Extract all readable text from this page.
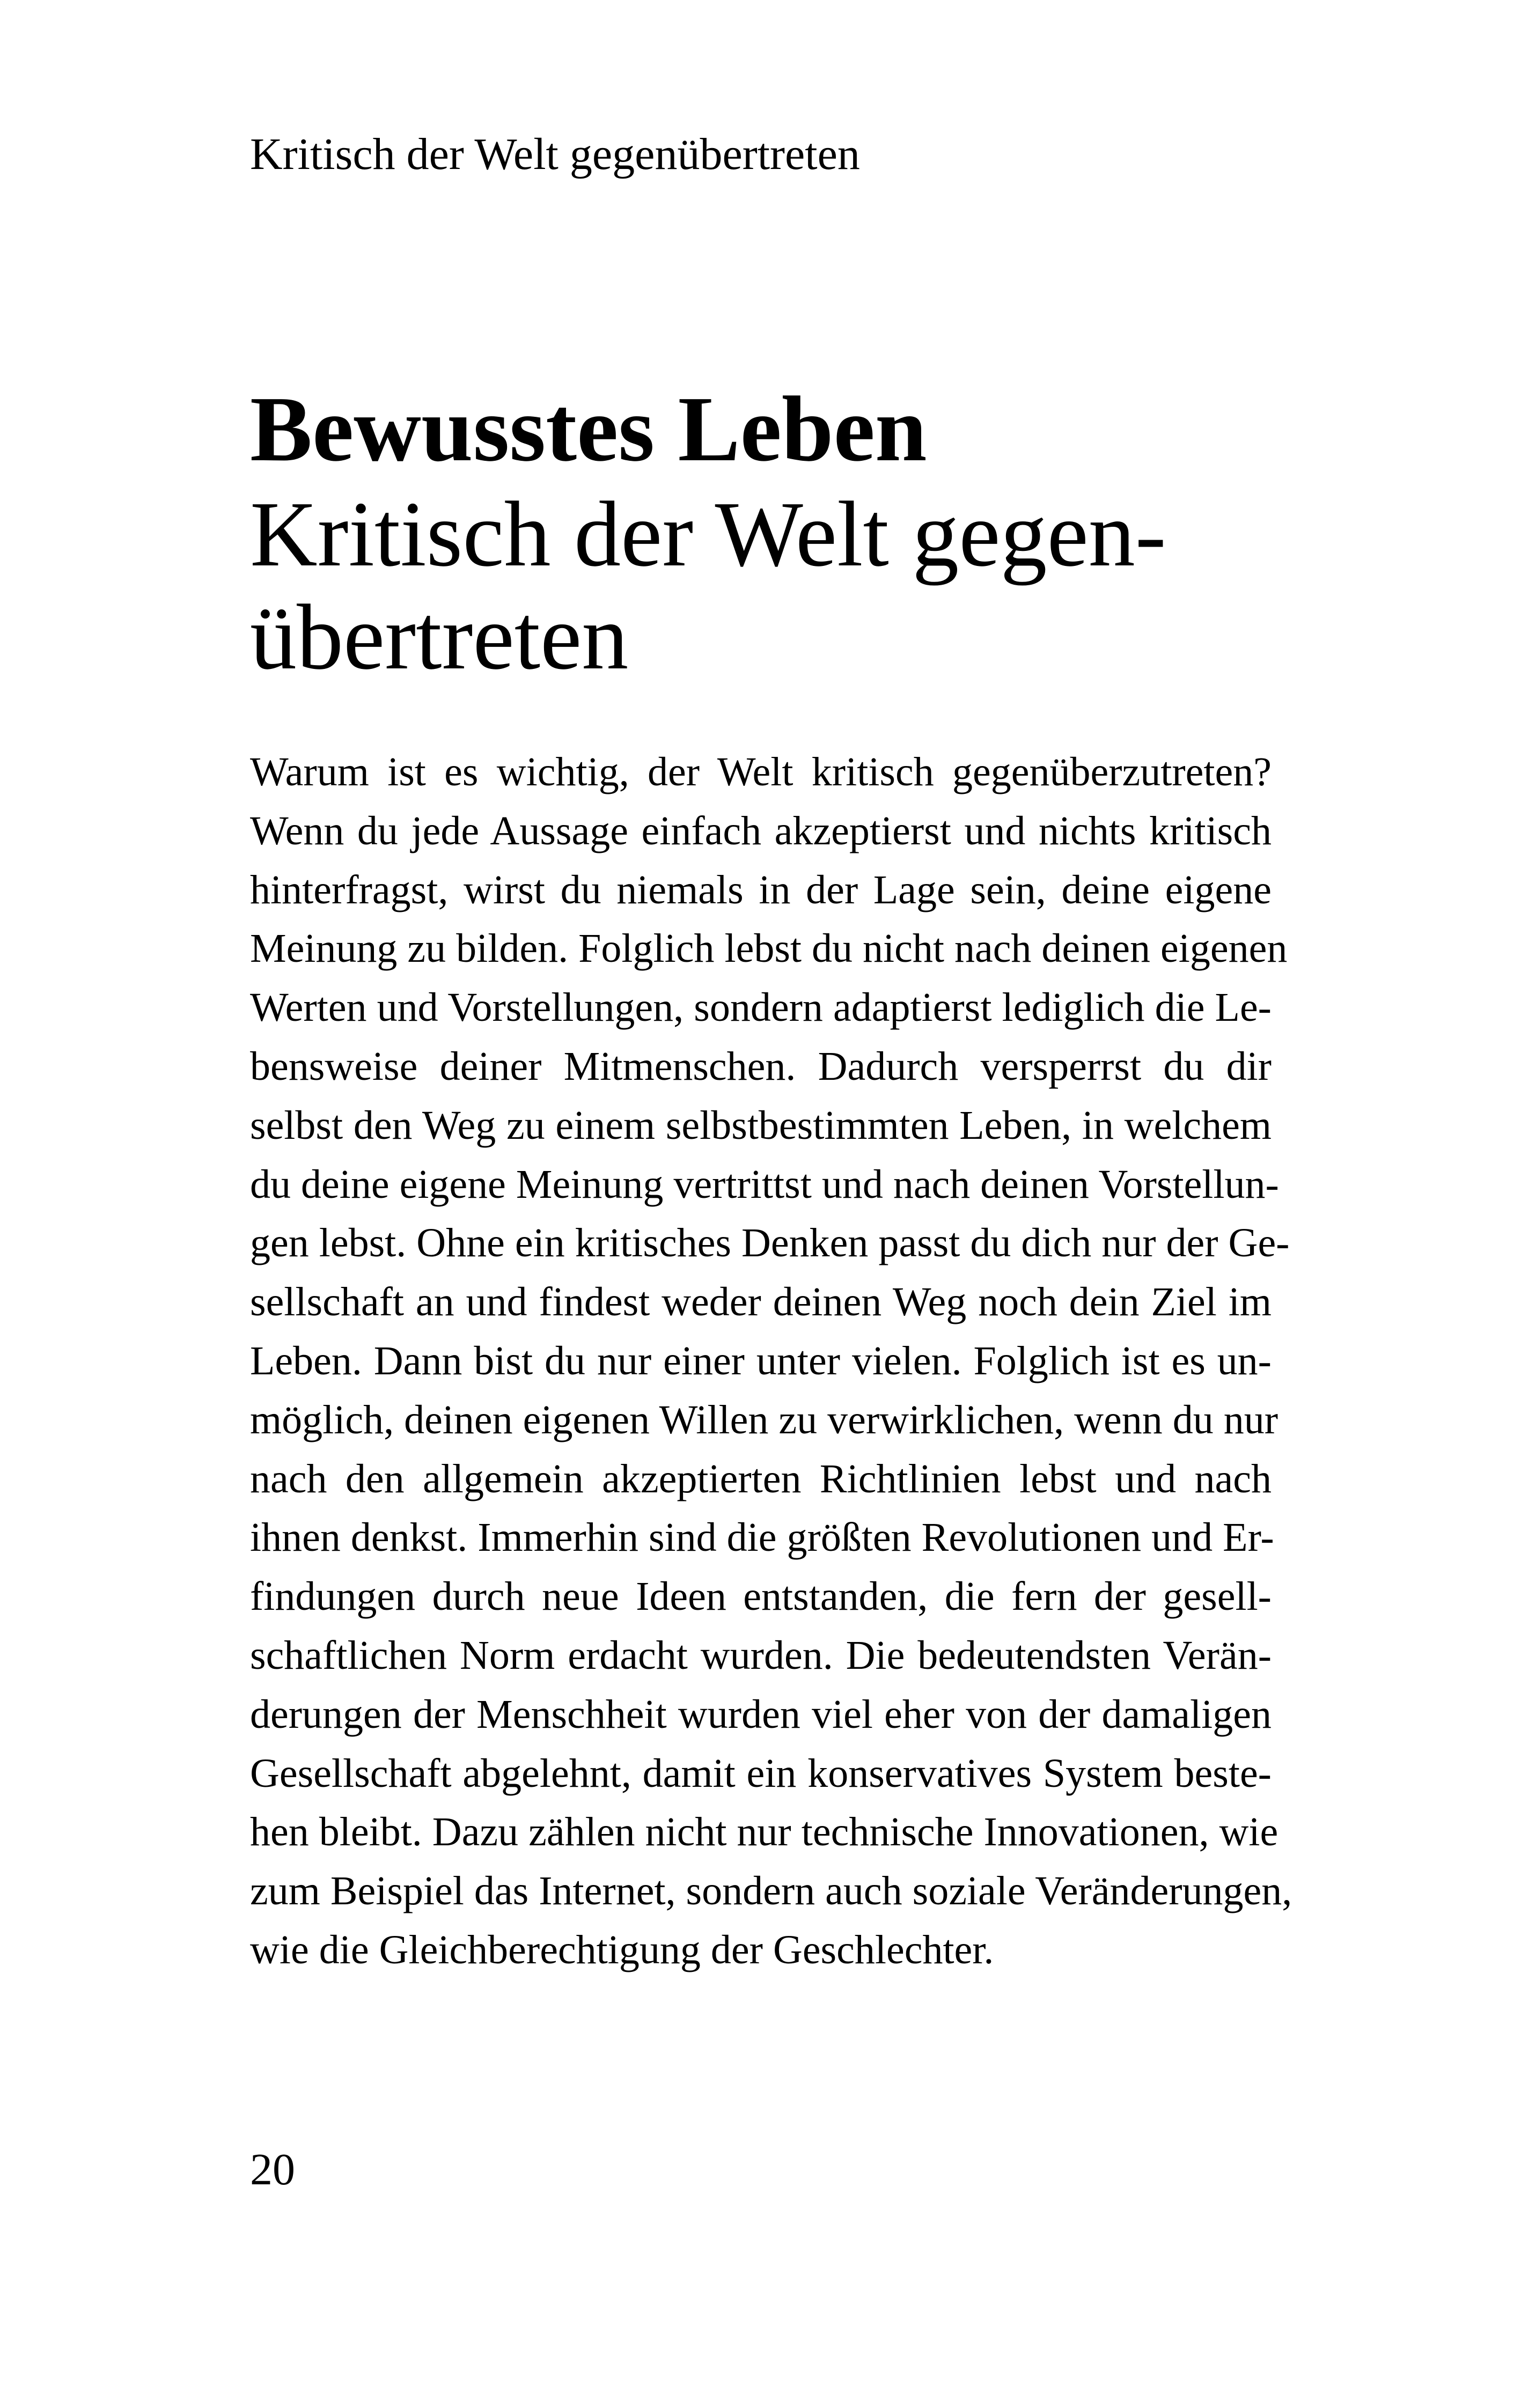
Kritisch der Welt gegenübertreten
Bewusstes Leben
Kritisch der Welt gegen-
übertreten
Warum ist es wichtig, der Welt kritisch gegenüberzutreten?
Wenn du jede Aussage einfach akzeptierst und nichts kritisch
hinterfragst, wirst du niemals in der Lage sein, deine eigene
Meinung zu bilden. Folglich lebst du nicht nach deinen eigenen
Werten und Vorstellungen, sondern adaptierst lediglich die Le-
bensweise deiner Mitmenschen. Dadurch versperrst du dir
selbst den Weg zu einem selbstbestimmten Leben, in welchem
du deine eigene Meinung vertrittst und nach deinen Vorstellun-
gen lebst. Ohne ein kritisches Denken passt du dich nur der Ge-
sellschaft an und findest weder deinen Weg noch dein Ziel im
Leben. Dann bist du nur einer unter vielen. Folglich ist es un-
möglich, deinen eigenen Willen zu verwirklichen, wenn du nur
nach den allgemein akzeptierten Richtlinien lebst und nach
ihnen denkst. Immerhin sind die größten Revolutionen und Er-
findungen durch neue Ideen entstanden, die fern der gesell-
schaftlichen Norm erdacht wurden. Die bedeutendsten Verän-
derungen der Menschheit wurden viel eher von der damaligen
Gesellschaft abgelehnt, damit ein konservatives System beste-
hen bleibt. Dazu zählen nicht nur technische Innovationen, wie
zum Beispiel das Internet, sondern auch soziale Veränderungen,
wie die Gleichberechtigung der Geschlechter.
20
